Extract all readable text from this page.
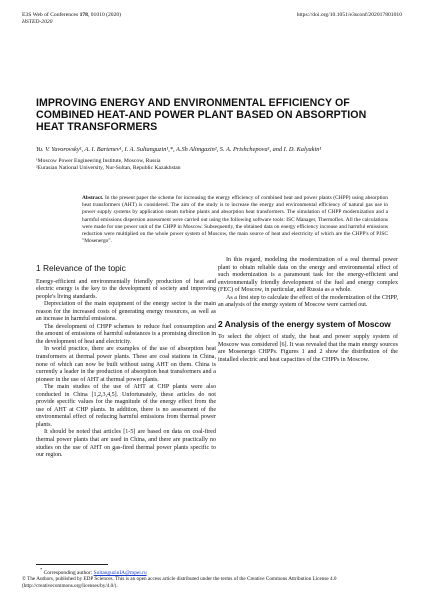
E3S Web of Conferences 178, 01010 (2020)
HSTED-2020
https://doi.org/10.1051/e3sconf/202017801010
IMPROVING ENERGY AND ENVIRONMENTAL EFFICIENCY OF COMBINED HEAT-AND POWER PLANT BASED ON ABSORPTION HEAT TRANSFORMERS
Yu. V. Yavorovsky¹, A. I. Bartenev¹, I. A. Sultanguzin¹,*, A.Sh Alimgazin², S. A. Prishchepova¹, and I. D. Kalyakin¹
¹Moscow Power Engineering Institute, Moscow, Russia
²Eurasian National University, Nur-Sultan, Republic Kazakhstan
Abstract. In the present paper the scheme for increasing the energy efficiency of combined heat and power plants (CHPP) using absorption heat transformers (AHT) is considered. The aim of the study is to increase the energy and environmental efficiency of natural gas use in power supply systems by application steam turbine plants and absorption heat transformers. The simulation of CHPP modernization and a harmful emissions dispersion assessment were carried out using the following software tools: ISC Manager, Thermoflex. All the calculations were made for one power unit of the CHPP in Moscow. Subsequently, the obtained data on energy efficiency increase and harmful emissions reduction were multiplied on the whole power system of Moscow, the main source of heat and electricity of which are the CHPP's of PJSC "Mosenergo".
1 Relevance of the topic

Energy-efficient and environmentally friendly production of heat and electric energy is the key to the development of society and improving people's living standards.

Depreciation of the main equipment of the energy sector is the main reason for the increased costs of generating energy resources, as well as an increase in harmful emissions.

The development of CHPP schemes to reduce fuel consumption and the amount of emissions of harmful substances is a promising direction in the development of heat and electricity.

In world practice, there are examples of the use of absorption heat transformers at thermal power plants. These are coal stations in China, none of which can now be built without using AHT on them. China is currently a leader in the production of absorption heat transformers and a pioneer in the use of AHT at thermal power plants.

The main studies of the use of AHT at CHP plants were also conducted in China [1,2,3,4,5]. Unfortunately, these articles do not provide specific values for the magnitude of the energy effect from the use of AHT at CHP plants. In addition, there is no assessment of the environmental effect of reducing harmful emissions from thermal power plants.

It should be noted that articles [1-5] are based on data on coal-fired thermal power plants that are used in China, and there are practically no studies on the use of AHT on gas-fired thermal power plants specific to our region.

In this regard, modeling the modernization of a real thermal power plant to obtain reliable data on the energy and environmental effect of such modernization is a paramount task for the energy-efficient and environmentally friendly development of the fuel and energy complex (FEC) of Moscow, in particular, and Russia as a whole.

As a first step to calculate the effect of the modernization of the CHPP, an analysis of the energy system of Moscow were carried out.

2 Analysis of the energy system of Moscow

To select the object of study, the heat and power supply system of Moscow was considered [6]. It was revealed that the main energy sources are Mosenergo CHPPs. Figures 1 and 2 show the distribution of the installed electric and heat capacities of the CHPPs in Moscow.

* Corresponding author: SultanguzinIA@mpei.ru
© The Authors, published by EDP Sciences. This is an open access article distributed under the terms of the Creative Commons Attribution License 4.0 (http://creativecommons.org/licenses/by/4.0/).
